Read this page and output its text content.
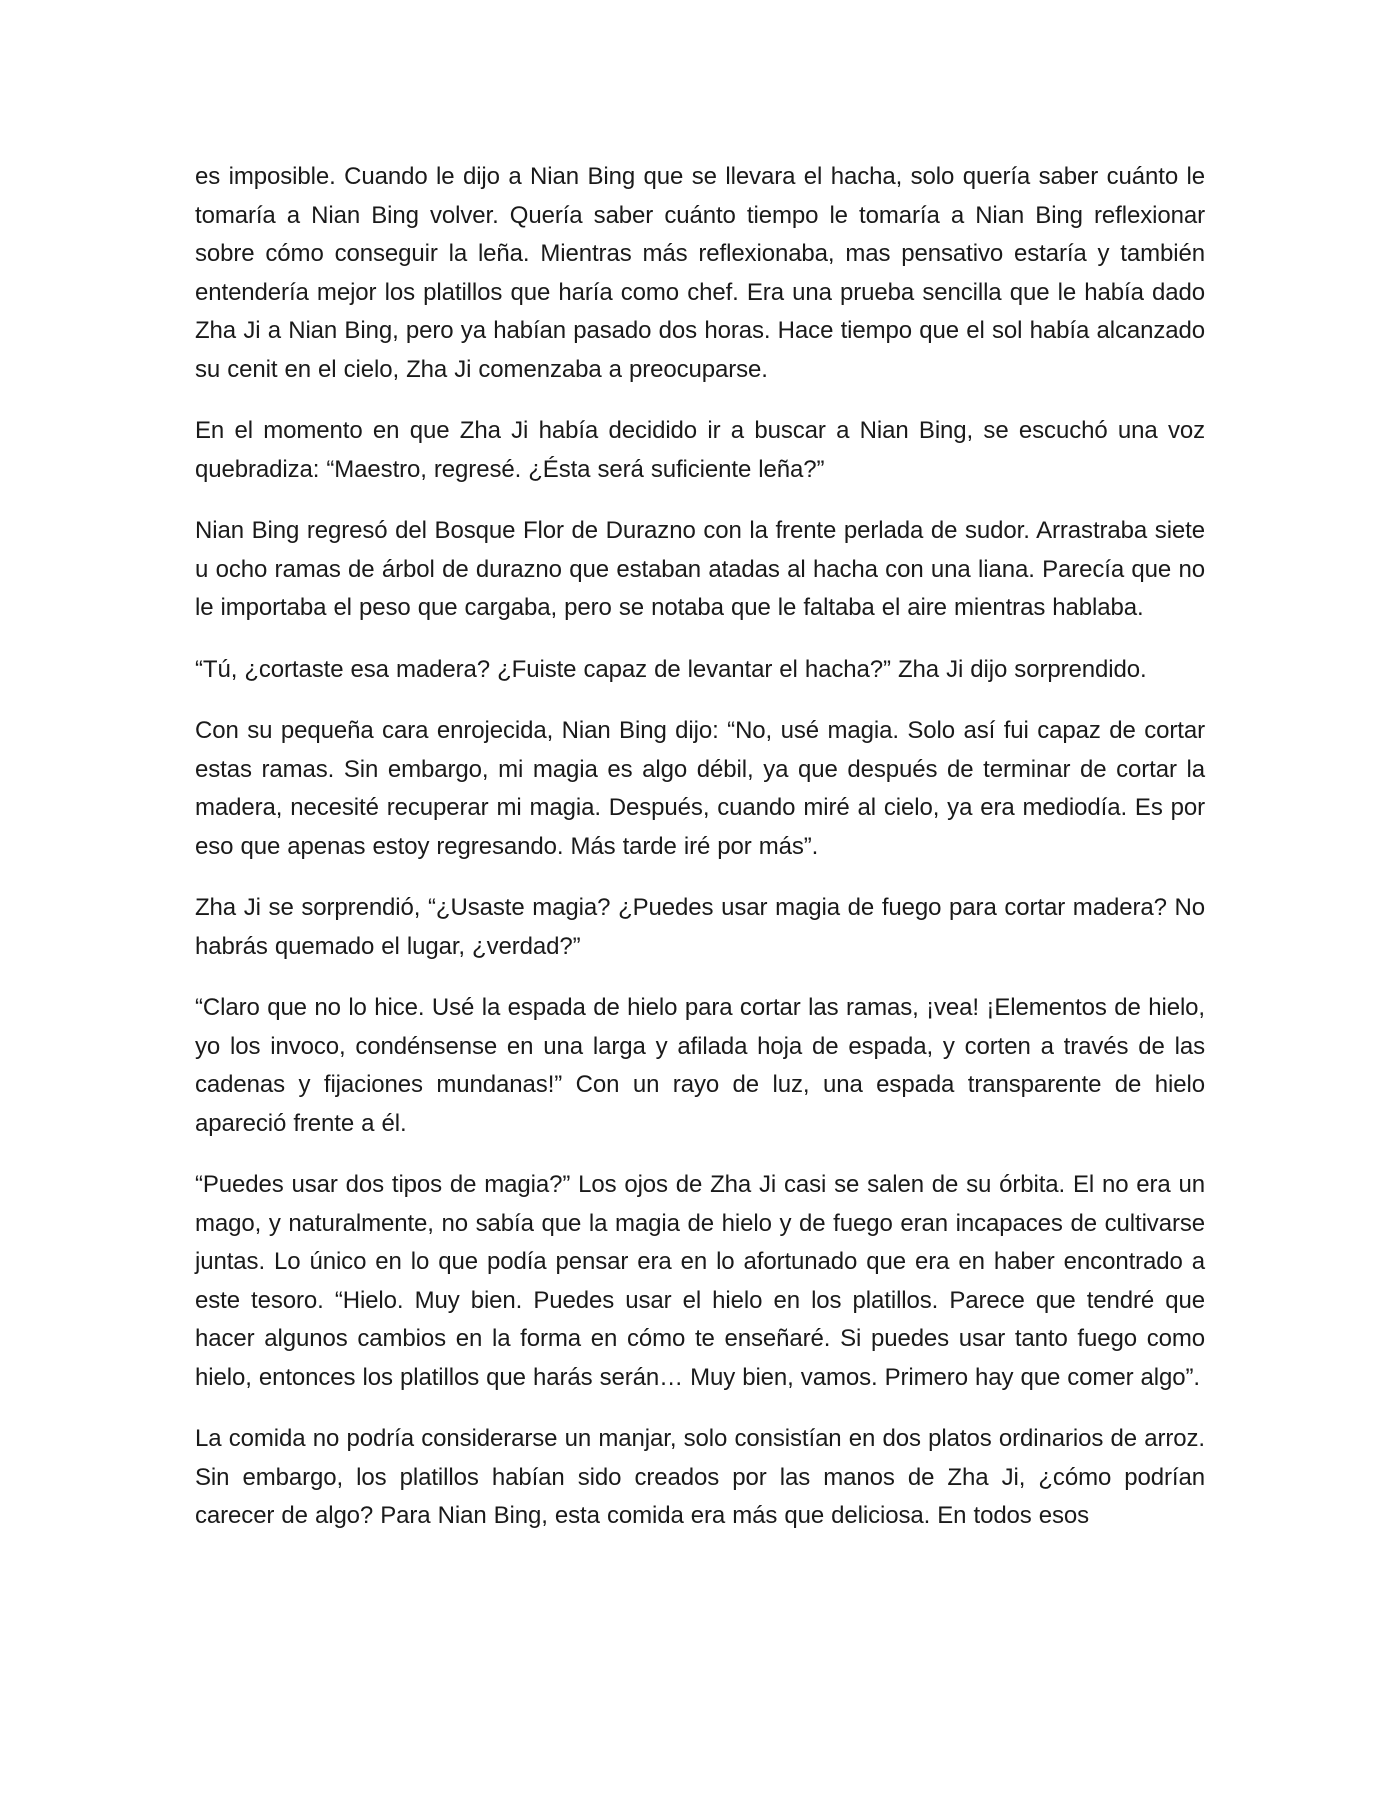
es imposible. Cuando le dijo a Nian Bing que se llevara el hacha, solo quería saber cuánto le tomaría a Nian Bing volver. Quería saber cuánto tiempo le tomaría a Nian Bing reflexionar sobre cómo conseguir la leña. Mientras más reflexionaba, mas pensativo estaría y también entendería mejor los platillos que haría como chef. Era una prueba sencilla que le había dado Zha Ji a Nian Bing, pero ya habían pasado dos horas. Hace tiempo que el sol había alcanzado su cenit en el cielo, Zha Ji comenzaba a preocuparse.

En el momento en que Zha Ji había decidido ir a buscar a Nian Bing, se escuchó una voz quebradiza: “Maestro, regresé. ¿Ésta será suficiente leña?”

Nian Bing regresó del Bosque Flor de Durazno con la frente perlada de sudor. Arrastraba siete u ocho ramas de árbol de durazno que estaban atadas al hacha con una liana. Parecía que no le importaba el peso que cargaba, pero se notaba que le faltaba el aire mientras hablaba.

“Tú, ¿cortaste esa madera? ¿Fuiste capaz de levantar el hacha?” Zha Ji dijo sorprendido.

Con su pequeña cara enrojecida, Nian Bing dijo: “No, usé magia. Solo así fui capaz de cortar estas ramas. Sin embargo, mi magia es algo débil, ya que después de terminar de cortar la madera, necesité recuperar mi magia. Después, cuando miré al cielo, ya era mediodía. Es por eso que apenas estoy regresando. Más tarde iré por más”.

Zha Ji se sorprendió, “¿Usaste magia? ¿Puedes usar magia de fuego para cortar madera? No habrás quemado el lugar, ¿verdad?”

“Claro que no lo hice. Usé la espada de hielo para cortar las ramas, ¡vea! ¡Elementos de hielo, yo los invoco, condénsense en una larga y afilada hoja de espada, y corten a través de las cadenas y fijaciones mundanas!” Con un rayo de luz, una espada transparente de hielo apareció frente a él.

“Puedes usar dos tipos de magia?” Los ojos de Zha Ji casi se salen de su órbita. El no era un mago, y naturalmente, no sabía que la magia de hielo y de fuego eran incapaces de cultivarse juntas. Lo único en lo que podía pensar era en lo afortunado que era en haber encontrado a este tesoro. “Hielo. Muy bien. Puedes usar el hielo en los platillos. Parece que tendré que hacer algunos cambios en la forma en cómo te enseñaré. Si puedes usar tanto fuego como hielo, entonces los platillos que harás serán… Muy bien, vamos. Primero hay que comer algo”.

La comida no podría considerarse un manjar, solo consistían en dos platos ordinarios de arroz. Sin embargo, los platillos habían sido creados por las manos de Zha Ji, ¿cómo podrían carecer de algo? Para Nian Bing, esta comida era más que deliciosa. En todos esos
